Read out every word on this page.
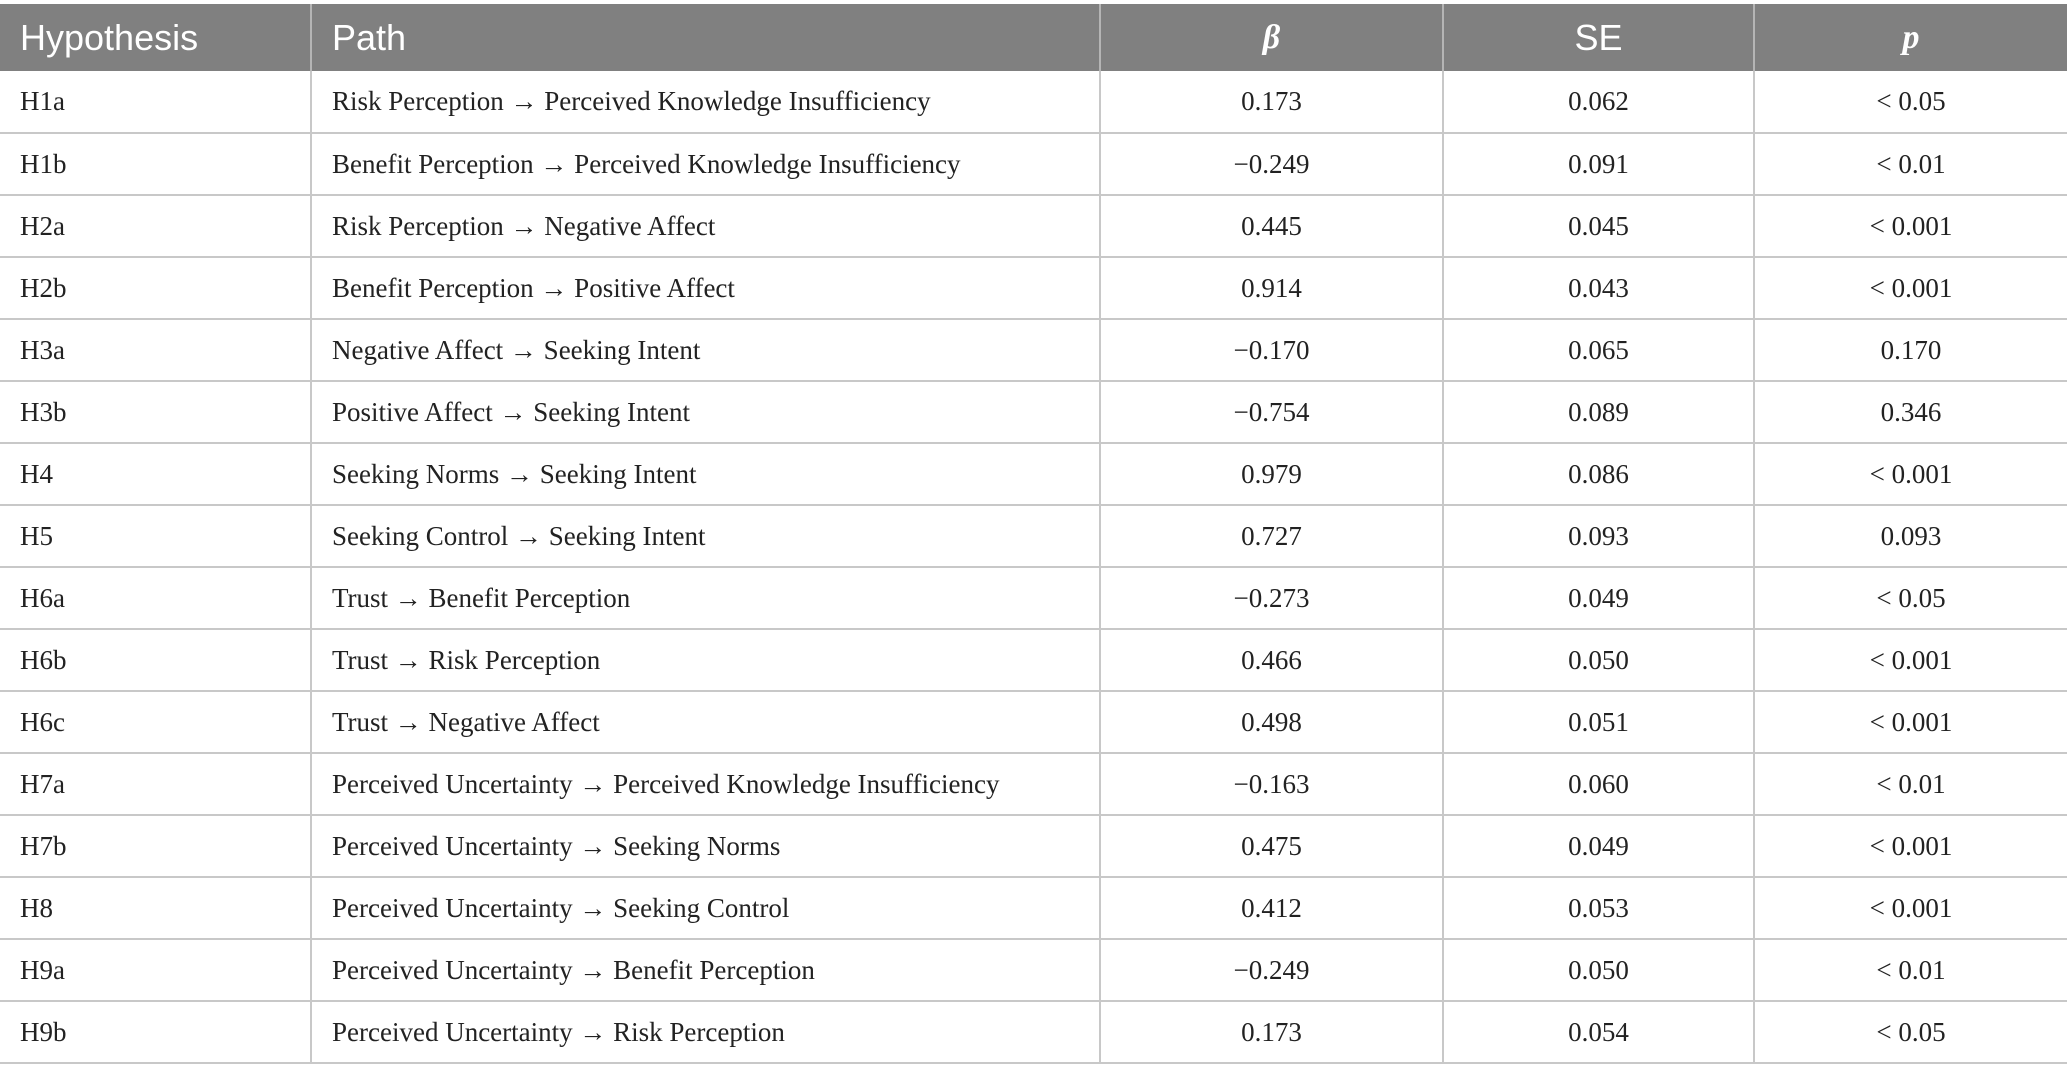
Hypothesis	Path	β	SE	p
H1a	Risk Perception → Perceived Knowledge Insufficiency	0.173	0.062	< 0.05
H1b	Benefit Perception → Perceived Knowledge Insufficiency	−0.249	0.091	< 0.01
H2a	Risk Perception → Negative Affect	0.445	0.045	< 0.001
H2b	Benefit Perception → Positive Affect	0.914	0.043	< 0.001
H3a	Negative Affect → Seeking Intent	−0.170	0.065	0.170
H3b	Positive Affect → Seeking Intent	−0.754	0.089	0.346
H4	Seeking Norms → Seeking Intent	0.979	0.086	< 0.001
H5	Seeking Control → Seeking Intent	0.727	0.093	0.093
H6a	Trust → Benefit Perception	−0.273	0.049	< 0.05
H6b	Trust → Risk Perception	0.466	0.050	< 0.001
H6c	Trust → Negative Affect	0.498	0.051	< 0.001
H7a	Perceived Uncertainty → Perceived Knowledge Insufficiency	−0.163	0.060	< 0.01
H7b	Perceived Uncertainty → Seeking Norms	0.475	0.049	< 0.001
H8	Perceived Uncertainty → Seeking Control	0.412	0.053	< 0.001
H9a	Perceived Uncertainty → Benefit Perception	−0.249	0.050	< 0.01
H9b	Perceived Uncertainty → Risk Perception	0.173	0.054	< 0.05
